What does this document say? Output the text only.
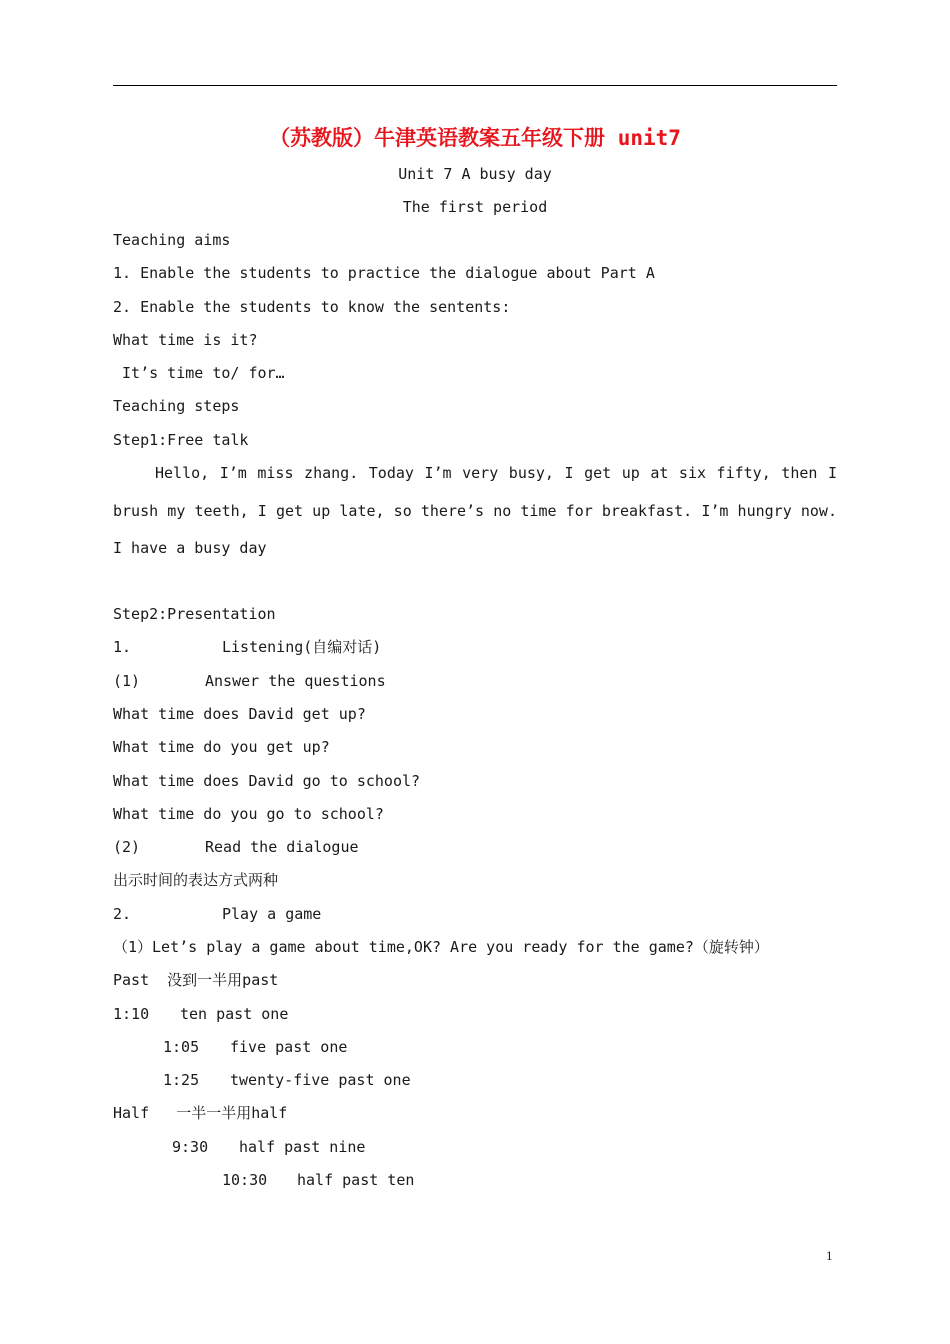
（苏教版）牛津英语教案五年级下册 unit7
Unit 7 A busy day
The first period
Teaching aims
1. Enable the students to practice the dialogue about Part A
2. Enable the students to know the sentents:
What time is it?
It’s time to/ for…
Teaching steps
Step1:Free talk
Hello, I’m miss zhang. Today I’m very busy, I get up at six fifty, then I brush my teeth, I get up late, so there’s no time for breakfast. I’m hungry now. I have a busy day
Step2:Presentation
1.	Listening(自编对话)
(1)	Answer the questions
What time does David get up?
What time do you get up?
What time does David go to school?
What time do you go to school?
(2)	Read the dialogue
出示时间的表达方式两种
2.	Play a game
（1）Let’s play a game about time,OK? Are you ready for the game?（旋转钟）
Past  没到一半用past
1:10 ten past one
1:05 five past one
1:25 twenty-five past one
Half   一半一半用half
9:30 half past nine
10:30 half past ten
1
